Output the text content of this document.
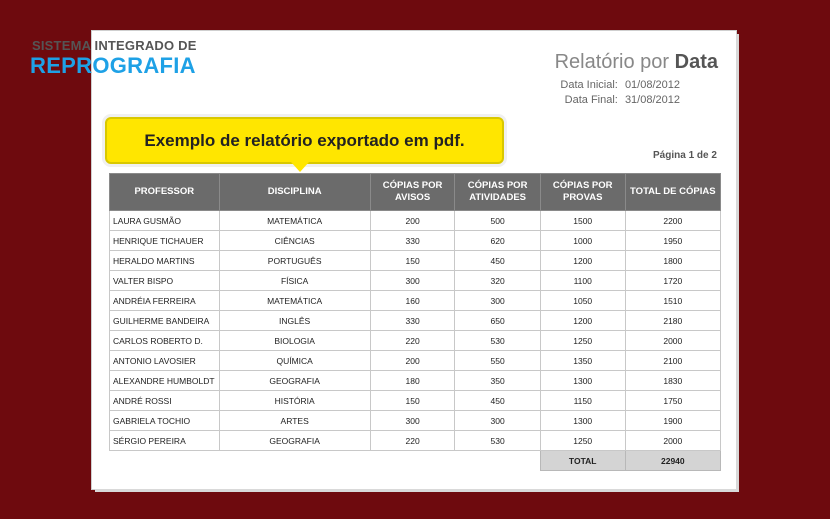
SISTEMA INTEGRADO DE
REPROGRAFIA	Relatório por Data
Data Inicial: 01/08/2012
Data Final: 31/08/2012
Exemplo de relatório exportado em pdf.
Página 1 de 2
PROFESSOR	DISCIPLINA	CÓPIAS POR AVISOS	CÓPIAS POR ATIVIDADES	CÓPIAS POR PROVAS	TOTAL DE CÓPIAS
LAURA GUSMÃO	MATEMÁTICA	200	500	1500	2200
HENRIQUE TICHAUER	CIÊNCIAS	330	620	1000	1950
HERALDO MARTINS	PORTUGUÊS	150	450	1200	1800
VALTER BISPO	FÍSICA	300	320	1100	1720
ANDRÉIA FERREIRA	MATEMÁTICA	160	300	1050	1510
GUILHERME BANDEIRA	INGLÊS	330	650	1200	2180
CARLOS ROBERTO D.	BIOLOGIA	220	530	1250	2000
ANTONIO LAVOSIER	QUÍMICA	200	550	1350	2100
ALEXANDRE HUMBOLDT	GEOGRAFIA	180	350	1300	1830
ANDRÉ ROSSI	HISTÓRIA	150	450	1150	1750
GABRIELA TOCHIO	ARTES	300	300	1300	1900
SÉRGIO PEREIRA	GEOGRAFIA	220	530	1250	2000
				TOTAL	22940
